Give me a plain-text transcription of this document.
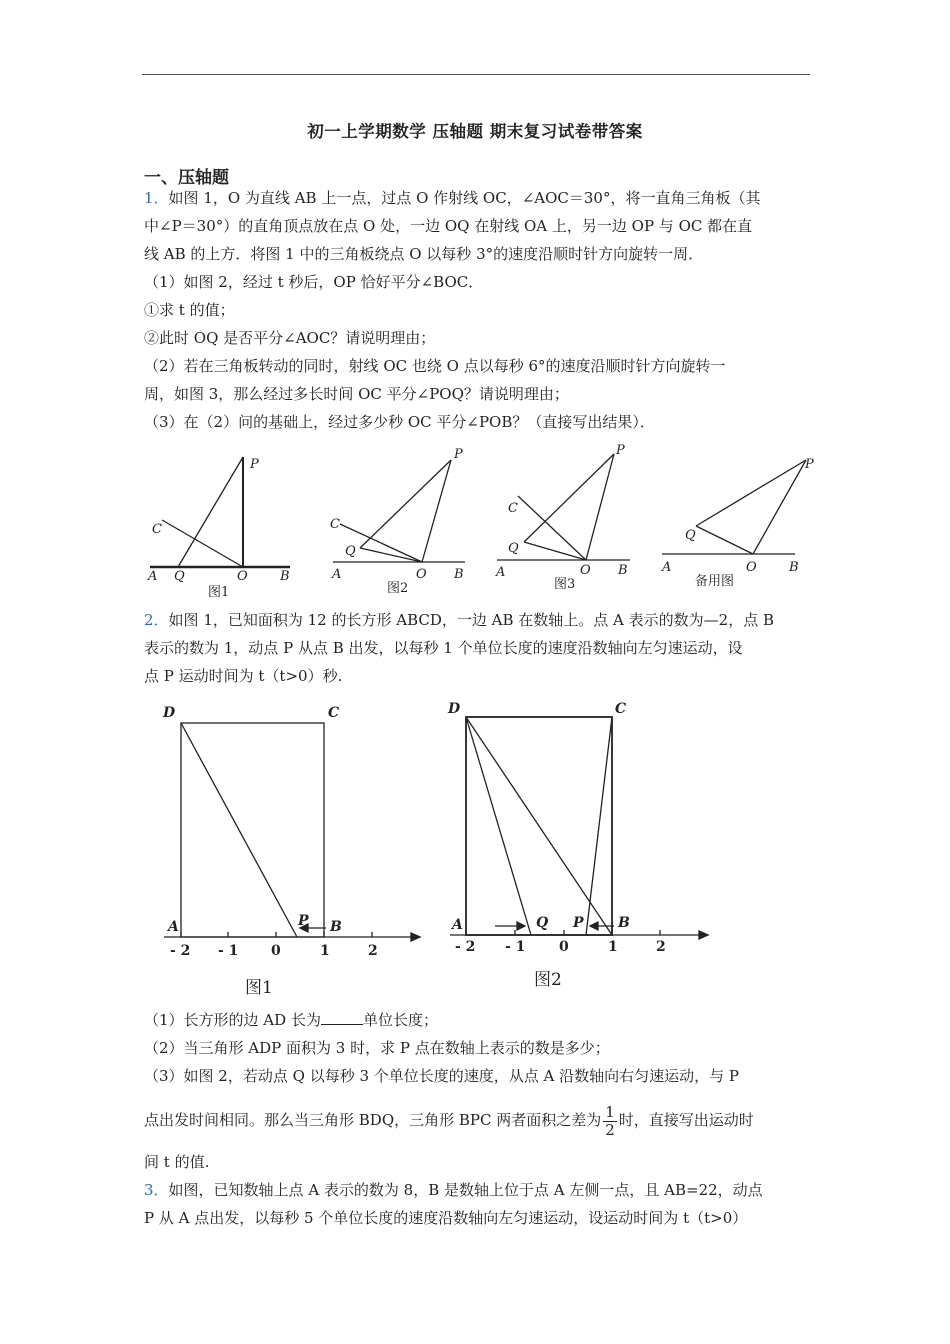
初一上学期数学 压轴题 期末复习试卷带答案
一、压轴题
1．如图 1，O 为直线 AB 上一点，过点 O 作射线 OC，∠AOC＝30°，将一直角三角板（其
中∠P＝30°）的直角顶点放在点 O 处，一边 OQ 在射线 OA 上，另一边 OP 与 OC 都在直
线 AB 的上方．将图 1 中的三角板绕点 O 以每秒 3°的速度沿顺时针方向旋转一周．
（1）如图 2，经过 t 秒后，OP 恰好平分∠BOC．
①求 t 的值；
②此时 OQ 是否平分∠AOC？请说明理由；
（2）若在三角板转动的同时，射线 OC 也绕 O 点以每秒 6°的速度沿顺时针方向旋转一
周，如图 3，那么经过多长时间 OC 平分∠POQ？请说明理由；
（3）在（2）问的基础上，经过多少秒 OC 平分∠POB？（直接写出结果）．
A Q	O B
P
C
图1
A	O B
P
Q
C
图2
A	O B
P
Q
C
图3
A	O B
P
Q
备用图
2．如图 1，已知面积为 12 的长方形 ABCD，一边 AB 在数轴上。点 A 表示的数为—2，点 B
表示的数为 1，动点 P 从点 B 出发，以每秒 1 个单位长度的速度沿数轴向左匀速运动，设
点 P 运动时间为 t（t>0）秒.
D	C
A	B
P
- 2 - 1 0	1	2
图1
D	C
A	B
Q P
- 2 - 1 0	1	2
图2
（1）长方形的边 AD 长为	单位长度；
（2）当三角形 ADP 面积为 3 时，求 P 点在数轴上表示的数是多少；
（3）如图 2，若动点 Q 以每秒 3 个单位长度的速度，从点 A 沿数轴向右匀速运动，与 P
点出发时间相同。那么当三角形 BDQ，三角形 BPC 两者面积之差为 $\frac{1}{2}$ 时，直接写出运动时
间 t 的值.
3．如图，已知数轴上点 A 表示的数为 8，B 是数轴上位于点 A 左侧一点，且 AB=22，动点
P 从 A 点出发，以每秒 5 个单位长度的速度沿数轴向左匀速运动，设运动时间为 t（t>0）
